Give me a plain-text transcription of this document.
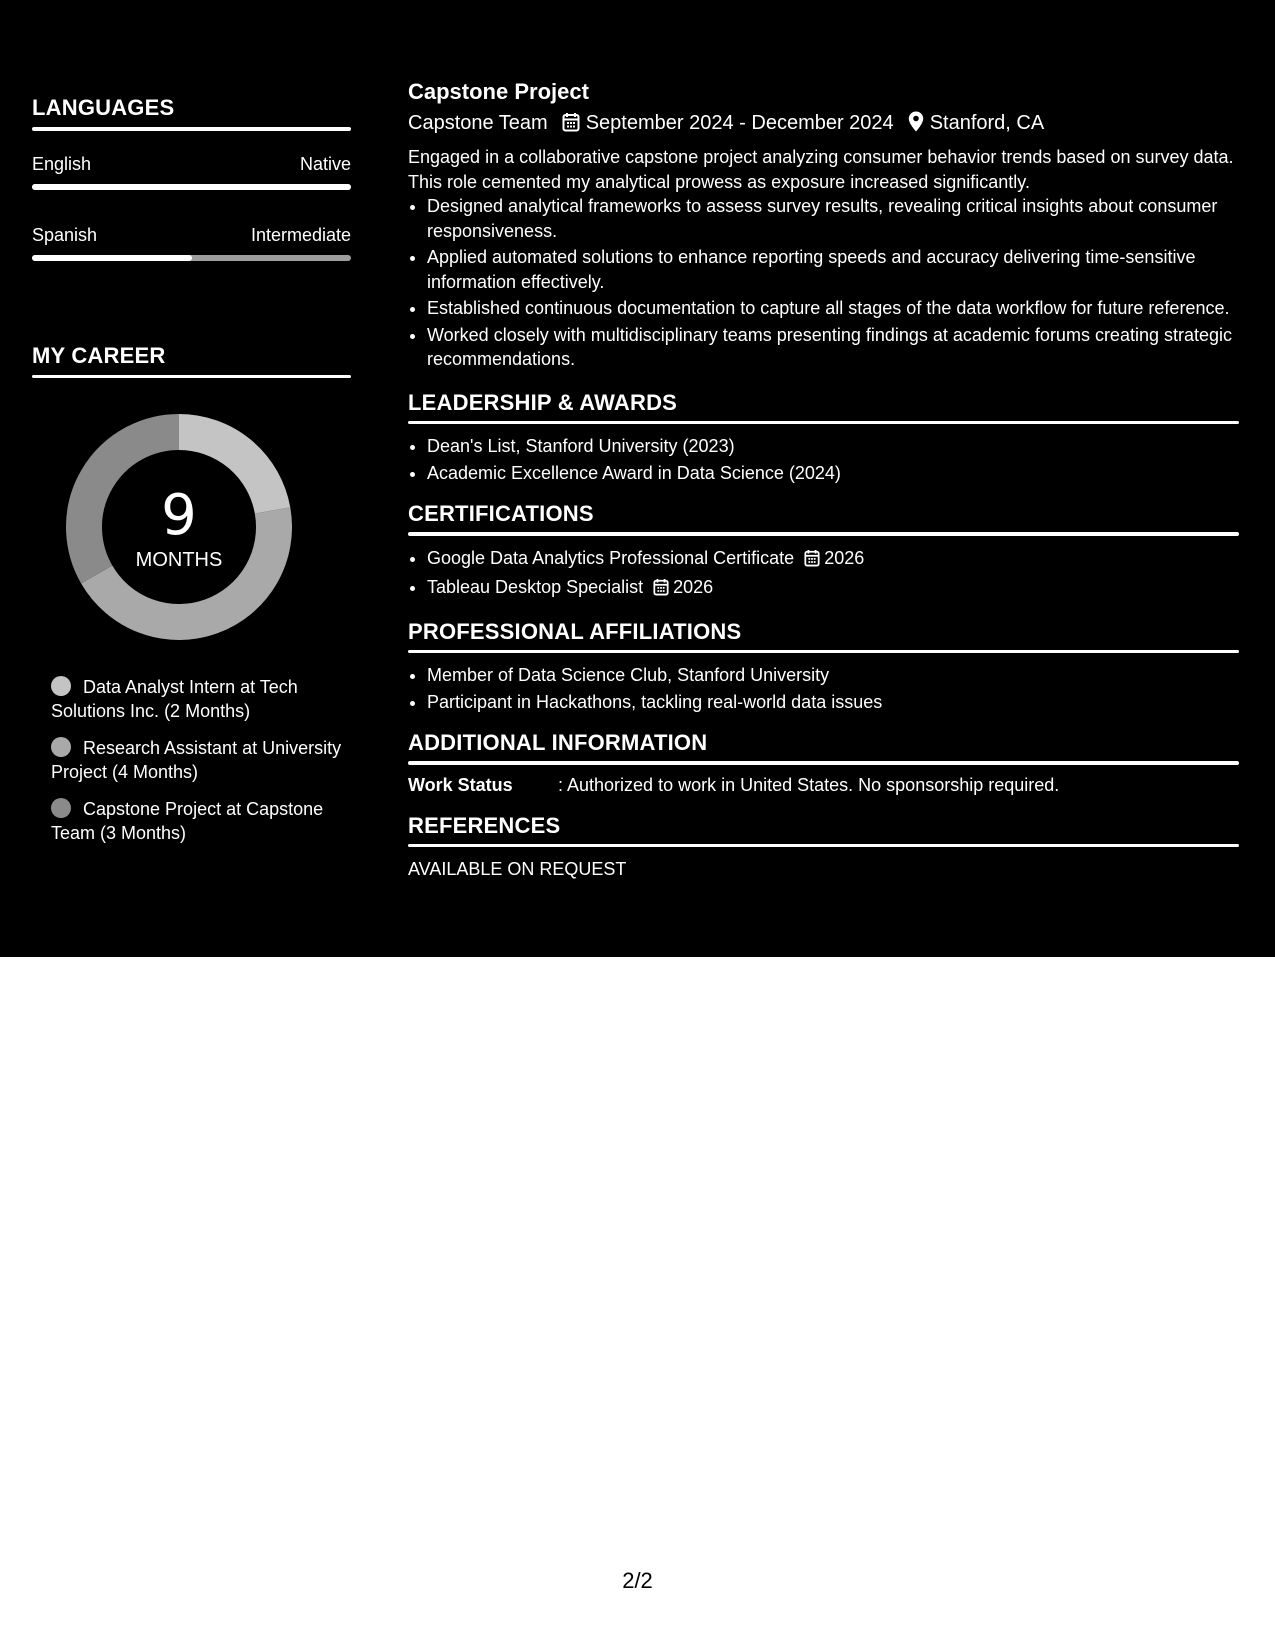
LANGUAGES
English	Native
Spanish	Intermediate
MY CAREER
9
MONTHS
Data Analyst Intern at Tech Solutions Inc. (2 Months)
Research Assistant at University Project (4 Months)
Capstone Project at Capstone Team (3 Months)
Capstone Project
Capstone Team September 2024 - December 2024 Stanford, CA
Engaged in a collaborative capstone project analyzing consumer behavior trends based on survey data. This role cemented my analytical prowess as exposure increased significantly.
• Designed analytical frameworks to assess survey results, revealing critical insights about consumer responsiveness.
• Applied automated solutions to enhance reporting speeds and accuracy delivering time-sensitive information effectively.
• Established continuous documentation to capture all stages of the data workflow for future reference.
• Worked closely with multidisciplinary teams presenting findings at academic forums creating strategic recommendations.
LEADERSHIP & AWARDS
• Dean's List, Stanford University (2023)
• Academic Excellence Award in Data Science (2024)
CERTIFICATIONS
• Google Data Analytics Professional Certificate 2026
• Tableau Desktop Specialist 2026
PROFESSIONAL AFFILIATIONS
• Member of Data Science Club, Stanford University
• Participant in Hackathons, tackling real-world data issues
ADDITIONAL INFORMATION
Work Status	: Authorized to work in United States. No sponsorship required.
REFERENCES
AVAILABLE ON REQUEST
2/2
